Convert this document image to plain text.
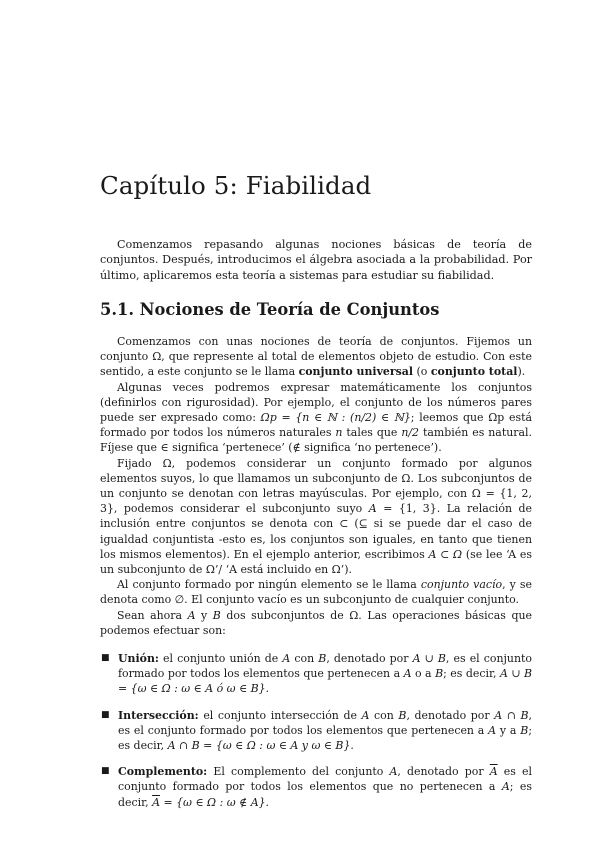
Capítulo 5: Fiabilidad

Comenzamos repasando algunas nociones básicas de teoría de conjuntos. Después, introducimos el álgebra asociada a la probabilidad. Por último, aplicaremos esta teoría a sistemas para estudiar su fiabilidad.

5.1. Nociones de Teoría de Conjuntos

Comenzamos con unas nociones de teoría de conjuntos. Fijemos un conjunto Ω, que represente al total de elementos objeto de estudio. Con este sentido, a este conjunto se le llama conjunto universal (o conjunto total).

Algunas veces podremos expresar matemáticamente los conjuntos (definirlos con rigurosidad). Por ejemplo, el conjunto de los números pares puede ser expresado como: Ωp = {n ∈ ℕ : (n/2) ∈ ℕ}; leemos que Ωp está formado por todos los números naturales n tales que n/2 también es natural. Fíjese que ∈ significa ‘pertenece’ (∉ significa ‘no pertenece’).

Fijado Ω, podemos considerar un conjunto formado por algunos elementos suyos, lo que llamamos un subconjunto de Ω. Los subconjuntos de un conjunto se denotan con letras mayúsculas. Por ejemplo, con Ω = {1, 2, 3}, podemos considerar el subconjunto suyo A = {1, 3}. La relación de inclusión entre conjuntos se denota con ⊂ (⊆ si se puede dar el caso de igualdad conjuntista -esto es, los conjuntos son iguales, en tanto que tienen los mismos elementos). En el ejemplo anterior, escribimos A ⊂ Ω (se lee ‘A es un subconjunto de Ω’/ ‘A está incluido en Ω’).

Al conjunto formado por ningún elemento se le llama conjunto vacío, y se denota como ∅. El conjunto vacío es un subconjunto de cualquier conjunto.

Sean ahora A y B dos subconjuntos de Ω. Las operaciones básicas que podemos efectuar son:

■ Unión: el conjunto unión de A con B, denotado por A ∪ B, es el conjunto formado por todos los elementos que pertenecen a A o a B; es decir, A ∪ B = {ω ∈ Ω : ω ∈ A ó ω ∈ B}.
■ Intersección: el conjunto intersección de A con B, denotado por A ∩ B, es el conjunto formado por todos los elementos que pertenecen a A y a B; es decir, A ∩ B = {ω ∈ Ω : ω ∈ A y ω ∈ B}.
■ Complemento: El complemento del conjunto A, denotado por $\overline{A}$ es el conjunto formado por todos los elementos que no pertenecen a A; es decir, $\overline{A} = \{\omega$ ∈ Ω : ω ∉ A}.
